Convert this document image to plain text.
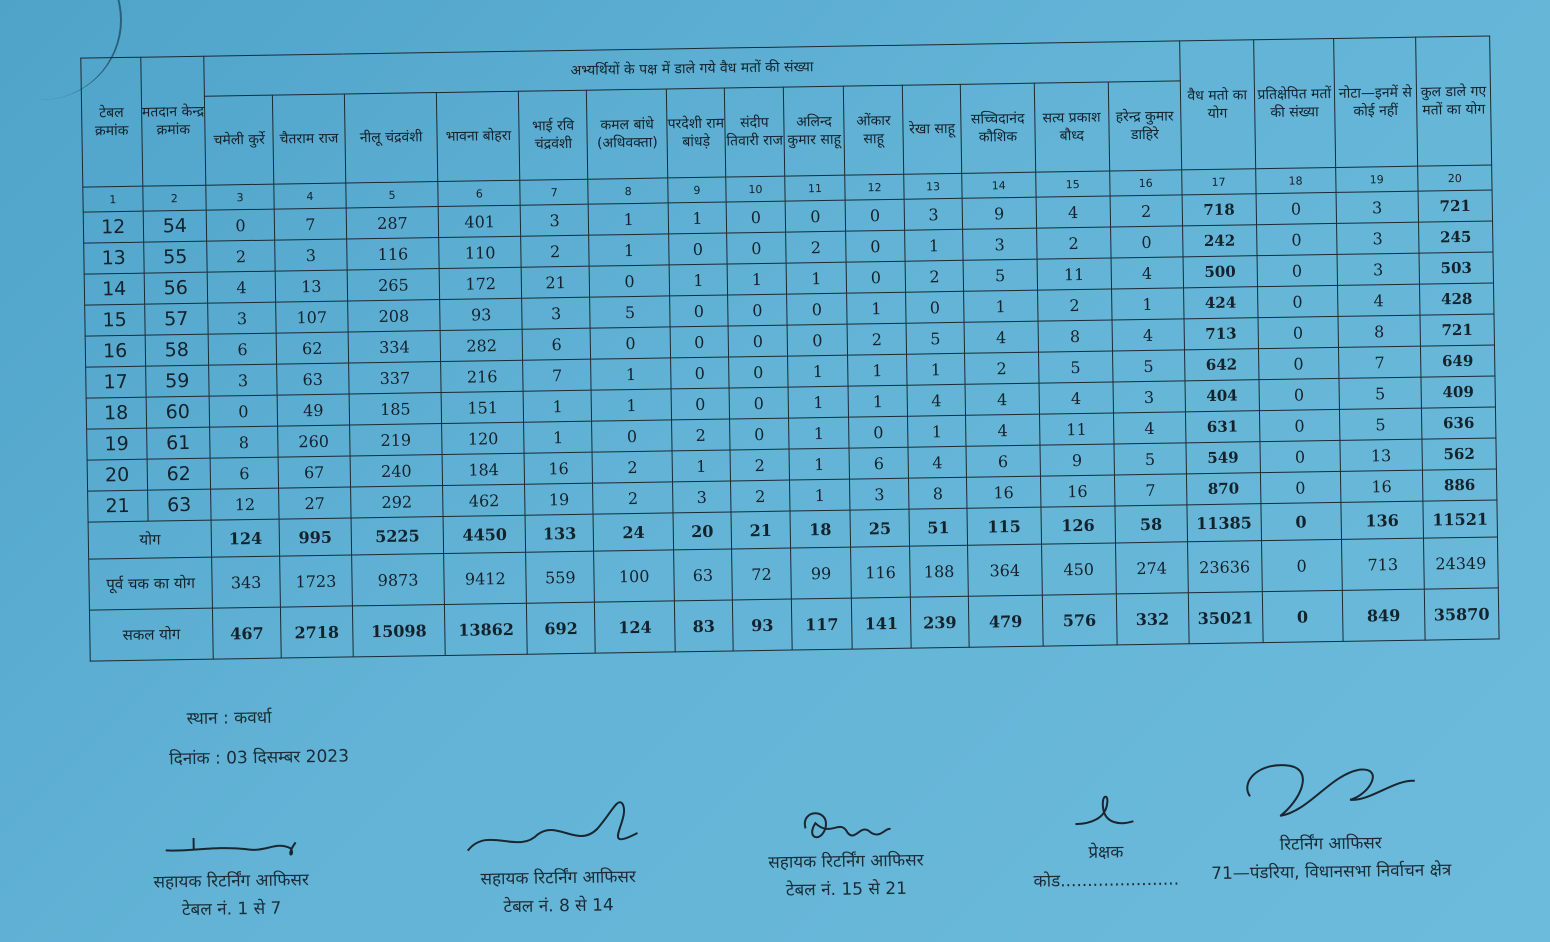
टेबल क्रमांक	मतदान केन्द्र क्रमांक	अभ्यर्थियों के पक्ष में डाले गये वैध मतों की संख्या														वैध मतो का योग	प्रतिक्षेपित मतों की संख्या	नोटा—इनमें से कोई नहीं	कुल डाले गए मतों का योग
		चमेली कुर्रे	चैतराम राज	नीलू चंद्रवंशी	भावना बोहरा	भाई रवि चंद्रवंशी	कमल बांधे (अधिवक्ता)	परदेशी राम बांधड़े	संदीप तिवारी राज	अलिन्द कुमार साहू	ओंकार साहू	रेखा साहू	सच्चिदानंद कौशिक	सत्य प्रकाश बौध्द	हरेन्द्र कुमार डाहिरे				
1	2	3	4	5	6	7	8	9	10	11	12	13	14	15	16	17	18	19	20
12	54	0	7	287	401	3	1	1	0	0	0	3	9	4	2	718	0	3	721
13	55	2	3	116	110	2	1	0	0	2	0	1	3	2	0	242	0	3	245
14	56	4	13	265	172	21	0	1	1	1	0	2	5	11	4	500	0	3	503
15	57	3	107	208	93	3	5	0	0	0	1	0	1	2	1	424	0	4	428
16	58	6	62	334	282	6	0	0	0	0	2	5	4	8	4	713	0	8	721
17	59	3	63	337	216	7	1	0	0	1	1	1	2	5	5	642	0	7	649
18	60	0	49	185	151	1	1	0	0	1	1	4	4	4	3	404	0	5	409
19	61	8	260	219	120	1	0	2	0	1	0	1	4	11	4	631	0	5	636
20	62	6	67	240	184	16	2	1	2	1	6	4	6	9	5	549	0	13	562
21	63	12	27	292	462	19	2	3	2	1	3	8	16	16	7	870	0	16	886
योग		124	995	5225	4450	133	24	20	21	18	25	51	115	126	58	11385	0	136	11521
पूर्व चक का योग		343	1723	9873	9412	559	100	63	72	99	116	188	364	450	274	23636	0	713	24349
सकल योग		467	2718	15098	13862	692	124	83	93	117	141	239	479	576	332	35021	0	849	35870
स्थान : कवर्धा
दिनांक : 03 दिसम्बर 2023
सहायक रिटर्निंग आफिसर
टेबल नं. 1 से 7
सहायक रिटर्निंग आफिसर
टेबल नं. 8 से 14
सहायक रिटर्निंग आफिसर
टेबल नं. 15 से 21
प्रेक्षक
कोड......................
रिटर्निंग आफिसर
71—पंडरिया, विधानसभा निर्वाचन क्षेत्र
